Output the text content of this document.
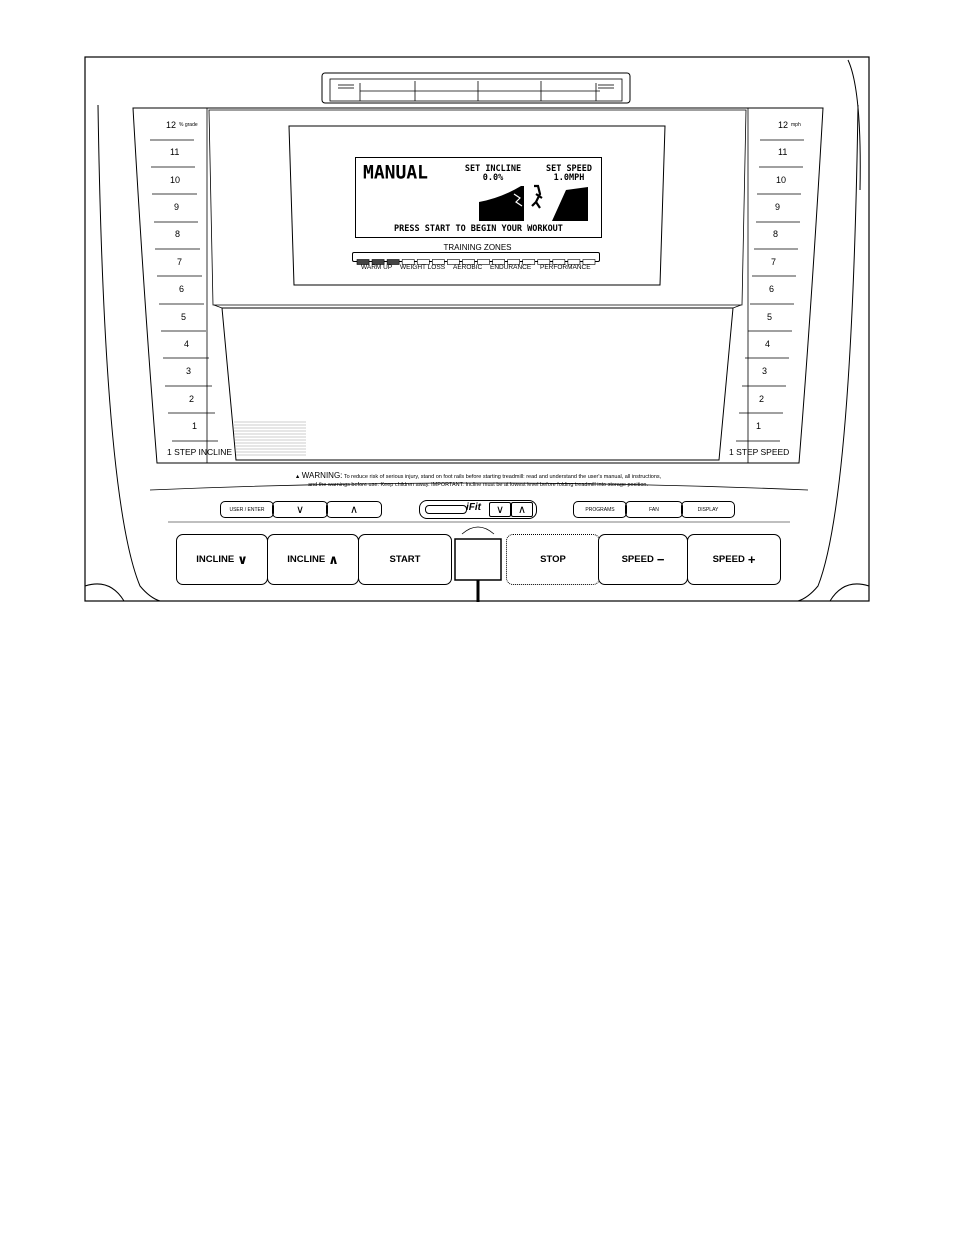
12 $^{\% grade}$
11
10
9
8
7
6
5
4
3
2
1
1 STEP INCLINE
12 $^{mph}$
11
10
9
8
7
6
5
4
3
2
1
1 STEP SPEED
MANUAL	SET INCLINE
0.0%
SET SPEED
1.0MPH
PRESS START TO BEGIN YOUR WORKOUT
TRAINING ZONES
WARM UP WEIGHT LOSS AEROBIC ENDURANCE PERFORMANCE
▲ WARNING: To reduce risk of serious injury, stand on foot rails before starting treadmill: read and understand the user's manual, all instructions,
and the warnings before use. Keep children away. IMPORTANT: Incline must be at lowest level before folding treadmill into storage position.
USER / ENTER	∨	∧	iFit ∨ ∧	PROGRAMS	FAN	DISPLAY
INCLINE ∨	INCLINE ∧	START	STOP	SPEED −	SPEED +
